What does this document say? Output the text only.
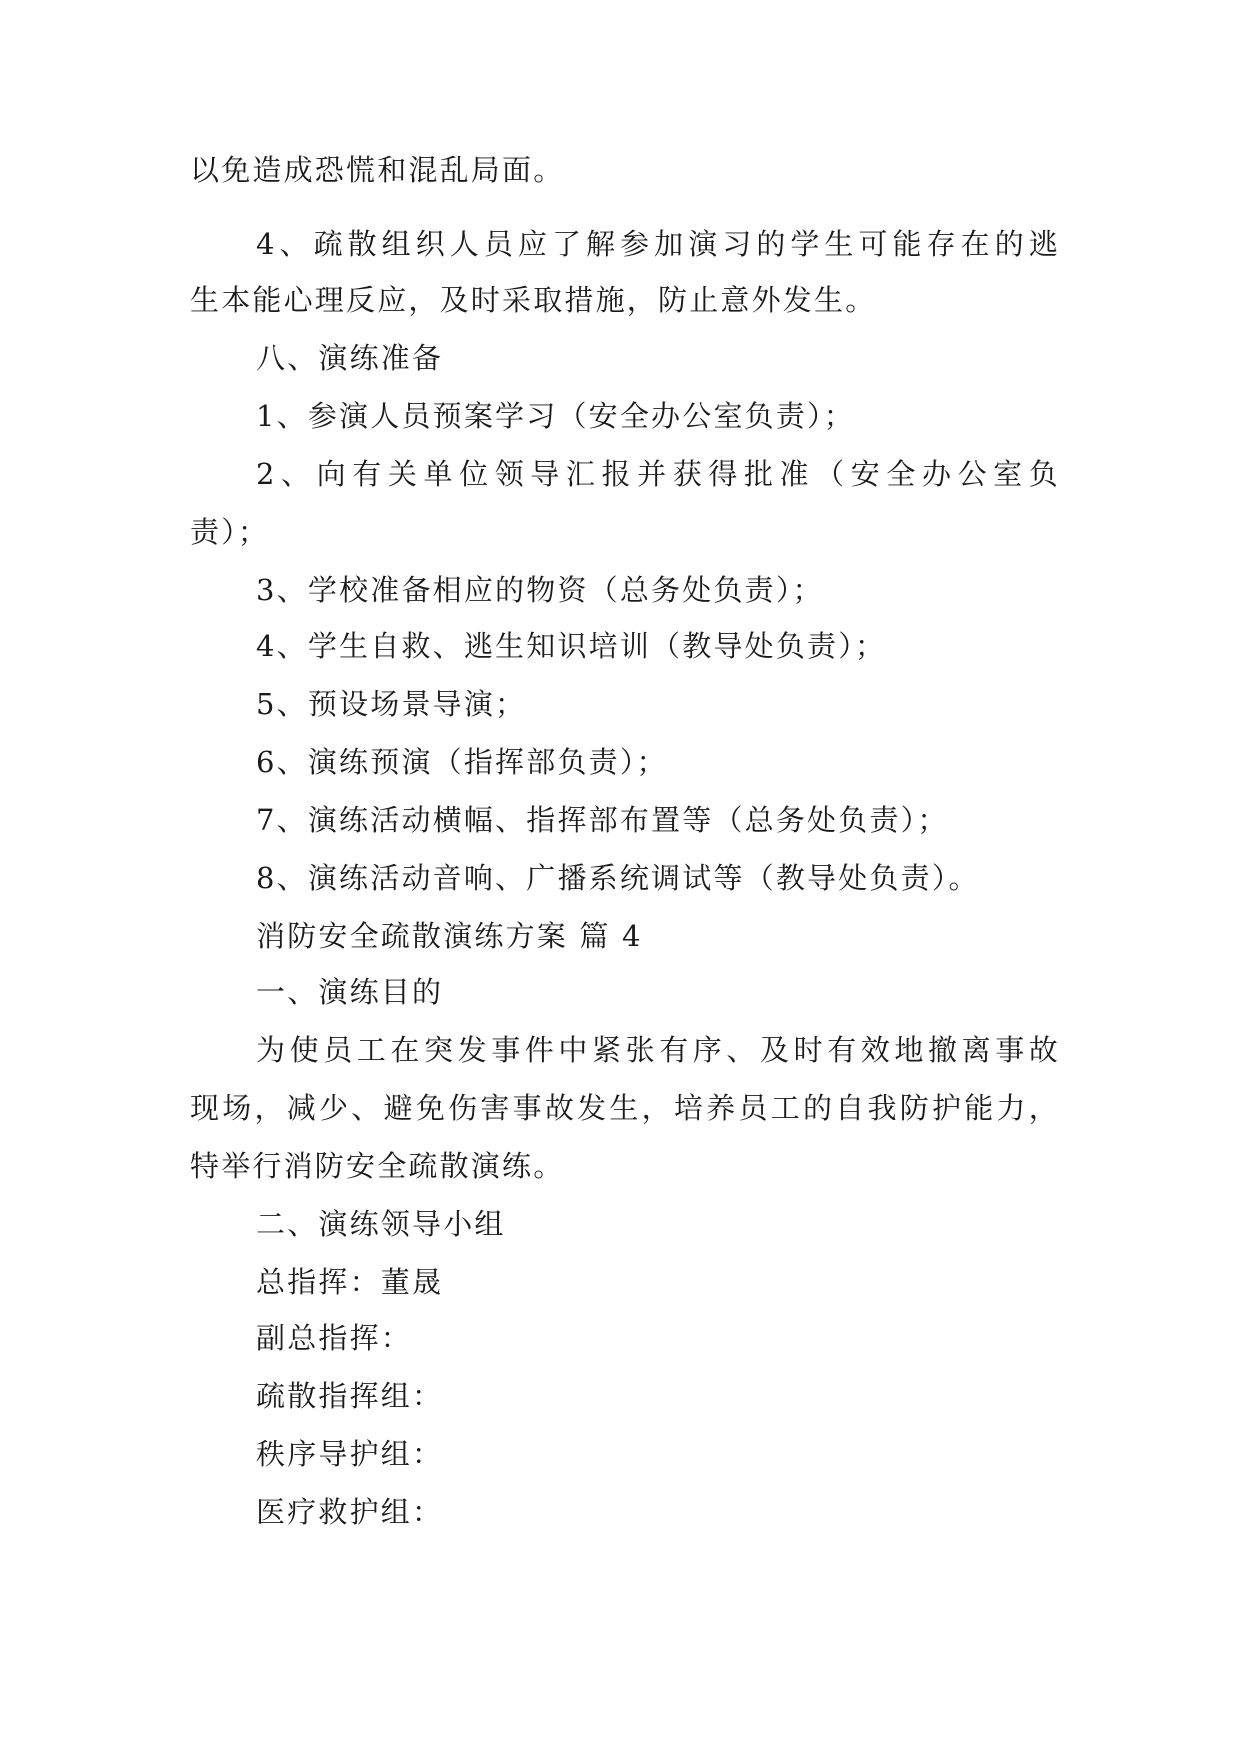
以免造成恐慌和混乱局面。
4、疏散组织人员应了解参加演习的学生可能存在的逃
生本能心理反应，及时采取措施，防止意外发生。
八、演练准备
1、参演人员预案学习（安全办公室负责）；
2、向有关单位领导汇报并获得批准（安全办公室负
责）；
3、学校准备相应的物资（总务处负责）；
4、学生自救、逃生知识培训（教导处负责）；
5、预设场景导演；
6、演练预演（指挥部负责）；
7、演练活动横幅、指挥部布置等（总务处负责）；
8、演练活动音响、广播系统调试等（教导处负责）。
消防安全疏散演练方案 篇 4
一、演练目的
为使员工在突发事件中紧张有序、及时有效地撤离事故
现场，减少、避免伤害事故发生，培养员工的自我防护能力，
特举行消防安全疏散演练。
二、演练领导小组
总指挥：董晟
副总指挥：
疏散指挥组：
秩序导护组：
医疗救护组：
